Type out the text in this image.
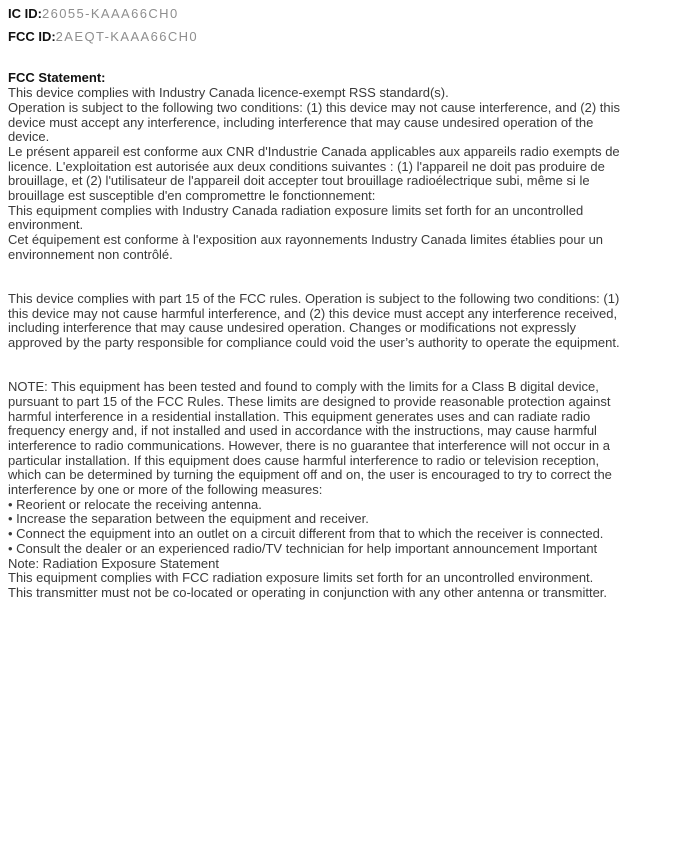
IC ID:26055-KAAA66CH0
FCC ID:2AEQT-KAAA66CH0
FCC Statement:
This device complies with Industry Canada licence-exempt RSS standard(s).
Operation is subject to the following two conditions: (1) this device may not cause interference, and (2) this
device must accept any interference, including interference that may cause undesired operation of the
device.
Le présent appareil est conforme aux CNR d'Industrie Canada applicables aux appareils radio exempts de
licence. L'exploitation est autorisée aux deux conditions suivantes : (1) l'appareil ne doit pas produire de
brouillage, et (2) l'utilisateur de l'appareil doit accepter tout brouillage radioélectrique subi, même si le
brouillage est susceptible d'en compromettre le fonctionnement:
This equipment complies with Industry Canada radiation exposure limits set forth for an uncontrolled
environment.
Cet équipement est conforme à l'exposition aux rayonnements Industry Canada limites établies pour un
environnement non contrôlé.
This device complies with part 15 of the FCC rules. Operation is subject to the following two conditions: (1)
this device may not cause harmful interference, and (2) this device must accept any interference received,
including interference that may cause undesired operation. Changes or modifications not expressly
approved by the party responsible for compliance could void the user’s authority to operate the equipment.
NOTE: This equipment has been tested and found to comply with the limits for a Class B digital device,
pursuant to part 15 of the FCC Rules. These limits are designed to provide reasonable protection against
harmful interference in a residential installation. This equipment generates uses and can radiate radio
frequency energy and, if not installed and used in accordance with the instructions, may cause harmful
interference to radio communications. However, there is no guarantee that interference will not occur in a
particular installation. If this equipment does cause harmful interference to radio or television reception,
which can be determined by turning the equipment off and on, the user is encouraged to try to correct the
interference by one or more of the following measures:
• Reorient or relocate the receiving antenna.
• Increase the separation between the equipment and receiver.
• Connect the equipment into an outlet on a circuit different from that to which the receiver is connected.
• Consult the dealer or an experienced radio/TV technician for help important announcement Important
Note: Radiation Exposure Statement
This equipment complies with FCC radiation exposure limits set forth for an uncontrolled environment.
This transmitter must not be co-located or operating in conjunction with any other antenna or transmitter.
